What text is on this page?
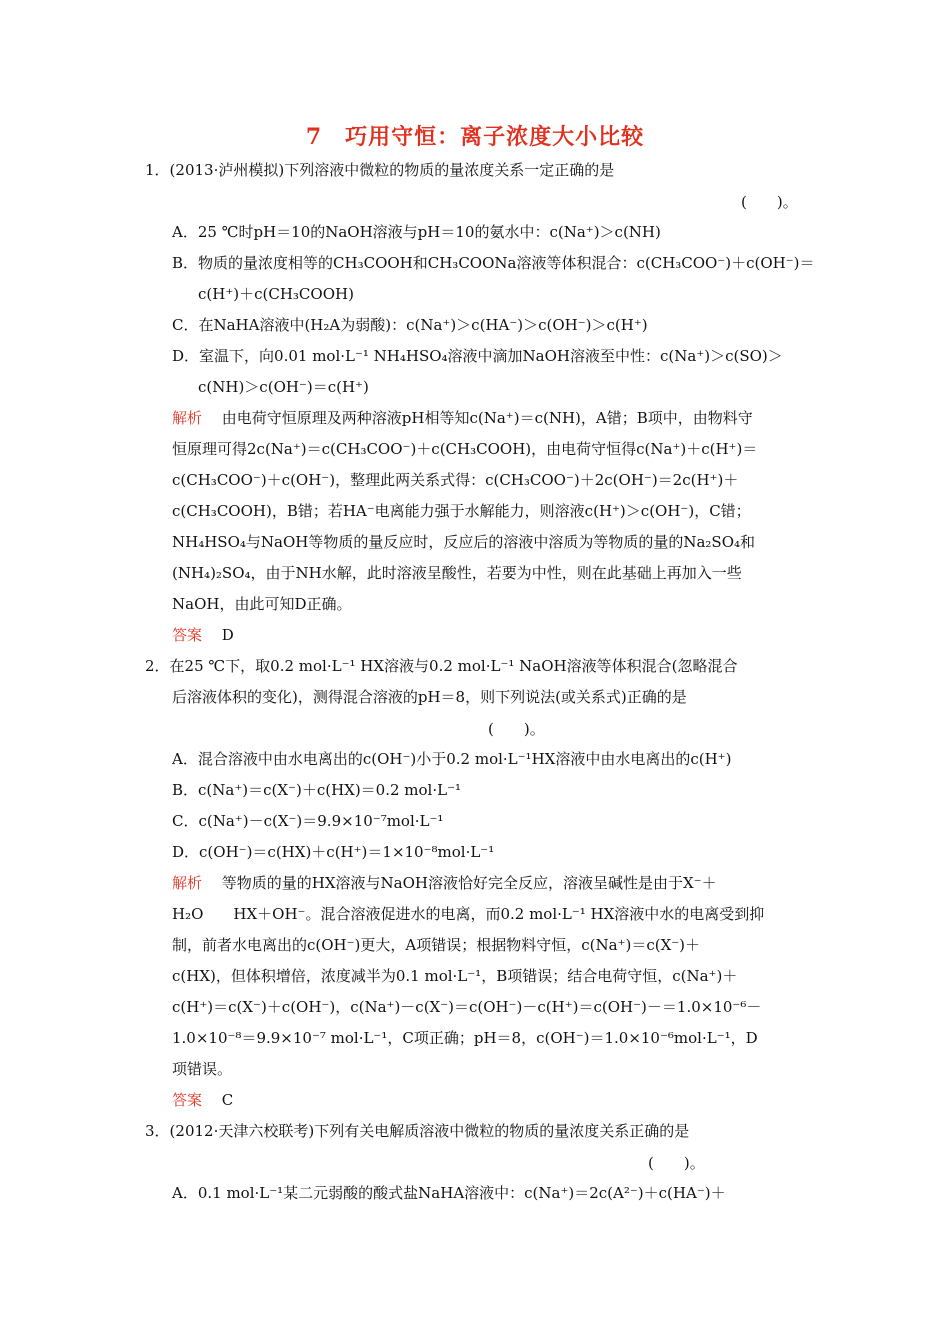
7　巧用守恒：离子浓度大小比较
1．(2013·泸州模拟)下列溶液中微粒的物质的量浓度关系一定正确的是
(　　)。
A．25 ℃时pH＝10的NaOH溶液与pH＝10的氨水中：c(Na⁺)＞c(NH)
B．物质的量浓度相等的CH₃COOH和CH₃COONa溶液等体积混合：c(CH₃COO⁻)＋c(OH⁻)＝
c(H⁺)＋c(CH₃COOH)
C．在NaHA溶液中(H₂A为弱酸)：c(Na⁺)＞c(HA⁻)＞c(OH⁻)＞c(H⁺)
D．室温下，向0.01 mol·L⁻¹ NH₄HSO₄溶液中滴加NaOH溶液至中性：c(Na⁺)＞c(SO)＞
c(NH)＞c(OH⁻)＝c(H⁺)
解析　 由电荷守恒原理及两种溶液pH相等知c(Na⁺)＝c(NH)，A错；B项中，由物料守
恒原理可得2c(Na⁺)＝c(CH₃COO⁻)＋c(CH₃COOH)，由电荷守恒得c(Na⁺)＋c(H⁺)＝
c(CH₃COO⁻)＋c(OH⁻)，整理此两关系式得：c(CH₃COO⁻)＋2c(OH⁻)＝2c(H⁺)＋
c(CH₃COOH)，B错；若HA⁻电离能力强于水解能力，则溶液c(H⁺)＞c(OH⁻)，C错；
NH₄HSO₄与NaOH等物质的量反应时，反应后的溶液中溶质为等物质的量的Na₂SO₄和
(NH₄)₂SO₄，由于NH水解，此时溶液呈酸性，若要为中性，则在此基础上再加入一些
NaOH，由此可知D正确。
答案　 D
2．在25 ℃下，取0.2 mol·L⁻¹ HX溶液与0.2 mol·L⁻¹ NaOH溶液等体积混合(忽略混合
后溶液体积的变化)，测得混合溶液的pH＝8，则下列说法(或关系式)正确的是
(　　)。
A．混合溶液中由水电离出的c(OH⁻)小于0.2 mol·L⁻¹HX溶液中由水电离出的c(H⁺)
B．c(Na⁺)＝c(X⁻)＋c(HX)＝0.2 mol·L⁻¹
C．c(Na⁺)－c(X⁻)＝9.9×10⁻⁷mol·L⁻¹
D．c(OH⁻)＝c(HX)＋c(H⁺)＝1×10⁻⁸mol·L⁻¹
解析　 等物质的量的HX溶液与NaOH溶液恰好完全反应，溶液呈碱性是由于X⁻＋
H₂O　　HX＋OH⁻。混合溶液促进水的电离，而0.2 mol·L⁻¹ HX溶液中水的电离受到抑
制，前者水电离出的c(OH⁻)更大，A项错误；根据物料守恒，c(Na⁺)＝c(X⁻)＋
c(HX)，但体积增倍，浓度减半为0.1 mol·L⁻¹，B项错误；结合电荷守恒，c(Na⁺)＋
c(H⁺)＝c(X⁻)＋c(OH⁻)，c(Na⁺)－c(X⁻)＝c(OH⁻)－c(H⁺)＝c(OH⁻)－＝1.0×10⁻⁶－
1.0×10⁻⁸＝9.9×10⁻⁷ mol·L⁻¹，C项正确；pH＝8，c(OH⁻)＝1.0×10⁻⁶mol·L⁻¹，D
项错误。
答案　 C
3．(2012·天津六校联考)下列有关电解质溶液中微粒的物质的量浓度关系正确的是
(　　)。
A．0.1 mol·L⁻¹某二元弱酸的酸式盐NaHA溶液中：c(Na⁺)＝2c(A²⁻)＋c(HA⁻)＋
